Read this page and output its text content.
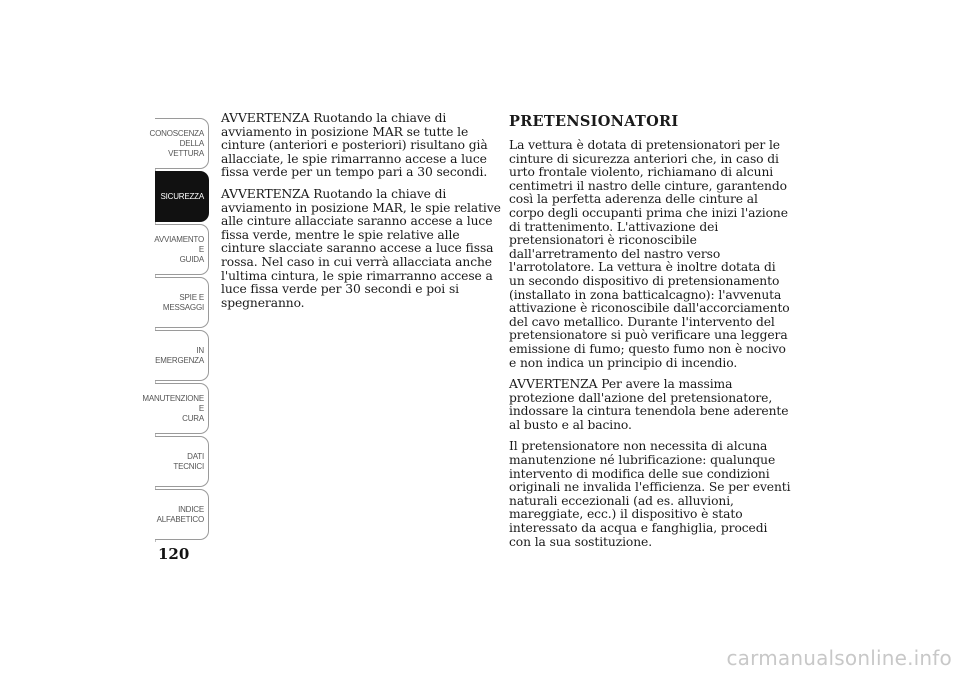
CONOSCENZA
DELLA VETTURA
SICUREZZA
AVVIAMENTO E
GUIDA
SPIE E MESSAGGI
IN EMERGENZA
MANUTENZIONE E
CURA
DATI TECNICI
INDICE
ALFABETICO
120

AVVERTENZA Ruotando la chiave di avviamento in posizione MAR se tutte le cinture (anteriori e posteriori) risultano già allacciate, le spie rimarranno accese a luce fissa verde per un tempo pari a 30 secondi.

AVVERTENZA Ruotando la chiave di avviamento in posizione MAR, le spie relative alle cinture allacciate saranno accese a luce fissa verde, mentre le spie relative alle cinture slacciate saranno accese a luce fissa rossa. Nel caso in cui verrà allacciata anche l'ultima cintura, le spie rimarranno accese a luce fissa verde per 30 secondi e poi si spegneranno.

PRETENSIONATORI

La vettura è dotata di pretensionatori per le cinture di sicurezza anteriori che, in caso di urto frontale violento, richiamano di alcuni centimetri il nastro delle cinture, garantendo così la perfetta aderenza delle cinture al corpo degli occupanti prima che inizi l'azione di trattenimento. L'attivazione dei pretensionatori è riconoscibile dall'arretramento del nastro verso l'arrotolatore. La vettura è inoltre dotata di un secondo dispositivo di pretensionamento (installato in zona batticalcagno): l'avvenuta attivazione è riconoscibile dall'accorciamento del cavo metallico. Durante l'intervento del pretensionatore si può verificare una leggera emissione di fumo; questo fumo non è nocivo e non indica un principio di incendio.

AVVERTENZA Per avere la massima protezione dall'azione del pretensionatore, indossare la cintura tenendola bene aderente al busto e al bacino.

Il pretensionatore non necessita di alcuna manutenzione né lubrificazione: qualunque intervento di modifica delle sue condizioni originali ne invalida l'efficienza. Se per eventi naturali eccezionali (ad es. alluvioni, mareggiate, ecc.) il dispositivo è stato interessato da acqua e fanghiglia, procedi con la sua sostituzione.

carmanualsonline.info
